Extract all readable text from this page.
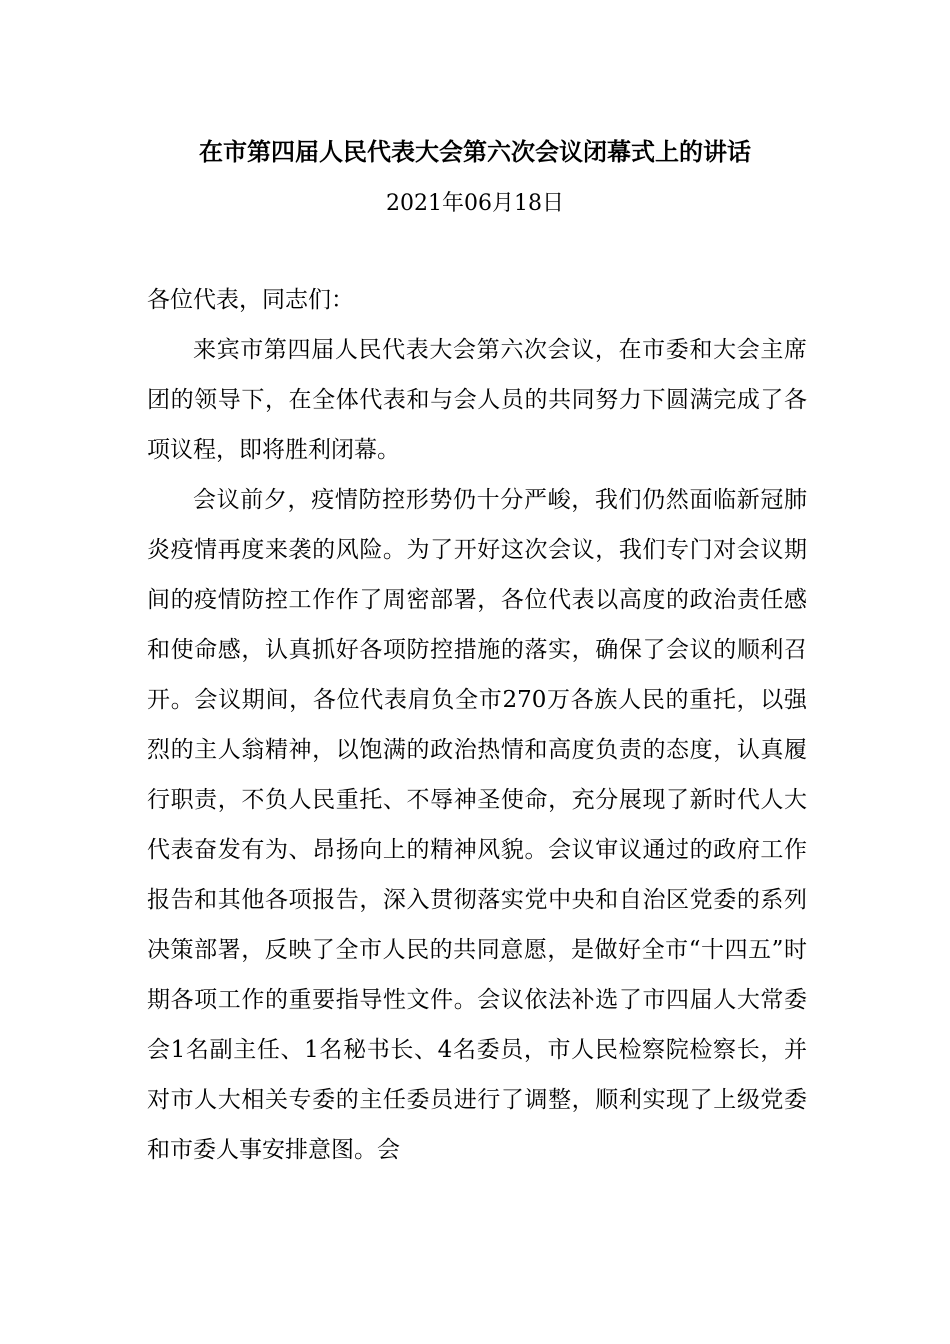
在市第四届人民代表大会第六次会议闭幕式上的讲话
2021年06月18日

各位代表，同志们：

来宾市第四届人民代表大会第六次会议，在市委和大会主席团的领导下，在全体代表和与会人员的共同努力下圆满完成了各项议程，即将胜利闭幕。

会议前夕，疫情防控形势仍十分严峻，我们仍然面临新冠肺炎疫情再度来袭的风险。为了开好这次会议，我们专门对会议期间的疫情防控工作作了周密部署，各位代表以高度的政治责任感和使命感，认真抓好各项防控措施的落实，确保了会议的顺利召开。会议期间，各位代表肩负全市270万各族人民的重托，以强烈的主人翁精神，以饱满的政治热情和高度负责的态度，认真履行职责，不负人民重托、不辱神圣使命，充分展现了新时代人大代表奋发有为、昂扬向上的精神风貌。会议审议通过的政府工作报告和其他各项报告，深入贯彻落实党中央和自治区党委的系列决策部署，反映了全市人民的共同意愿，是做好全市“十四五”时期各项工作的重要指导性文件。会议依法补选了市四届人大常委会1名副主任、1名秘书长、4名委员，市人民检察院检察长，并对市人大相关专委的主任委员进行了调整，顺利实现了上级党委和市委人事安排意图。会
